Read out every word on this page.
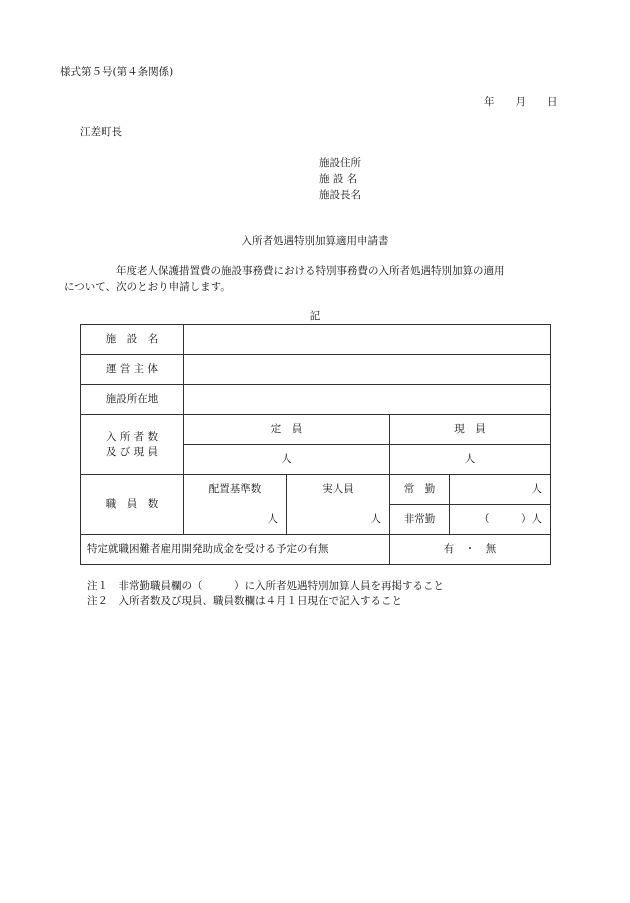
様式第５号(第４条関係)
年　　月　　日
江差町長
施設住所
施 設 名
施設長名
入所者処遇特別加算適用申請書
年度老人保護措置費の施設事務費における特別事務費の入所者処遇特別加算の適用
について、次のとおり申請します。
記
施　設　名				
運 営 主 体				
施設所在地				

入 所 者 数
及 び 現 員	定　員		現　員	
	人		人	
職　員　数	配置基準数	実人員	常　勤	人
	人	人	非常勤	（　　　）人
特定就職困難者雇用開発助成金を受ける予定の有無			有　・　無	
注１　非常勤職員欄の（　　　）に入所者処遇特別加算人員を再掲すること
注２　入所者数及び現員、職員数欄は４月１日現在で記入すること
